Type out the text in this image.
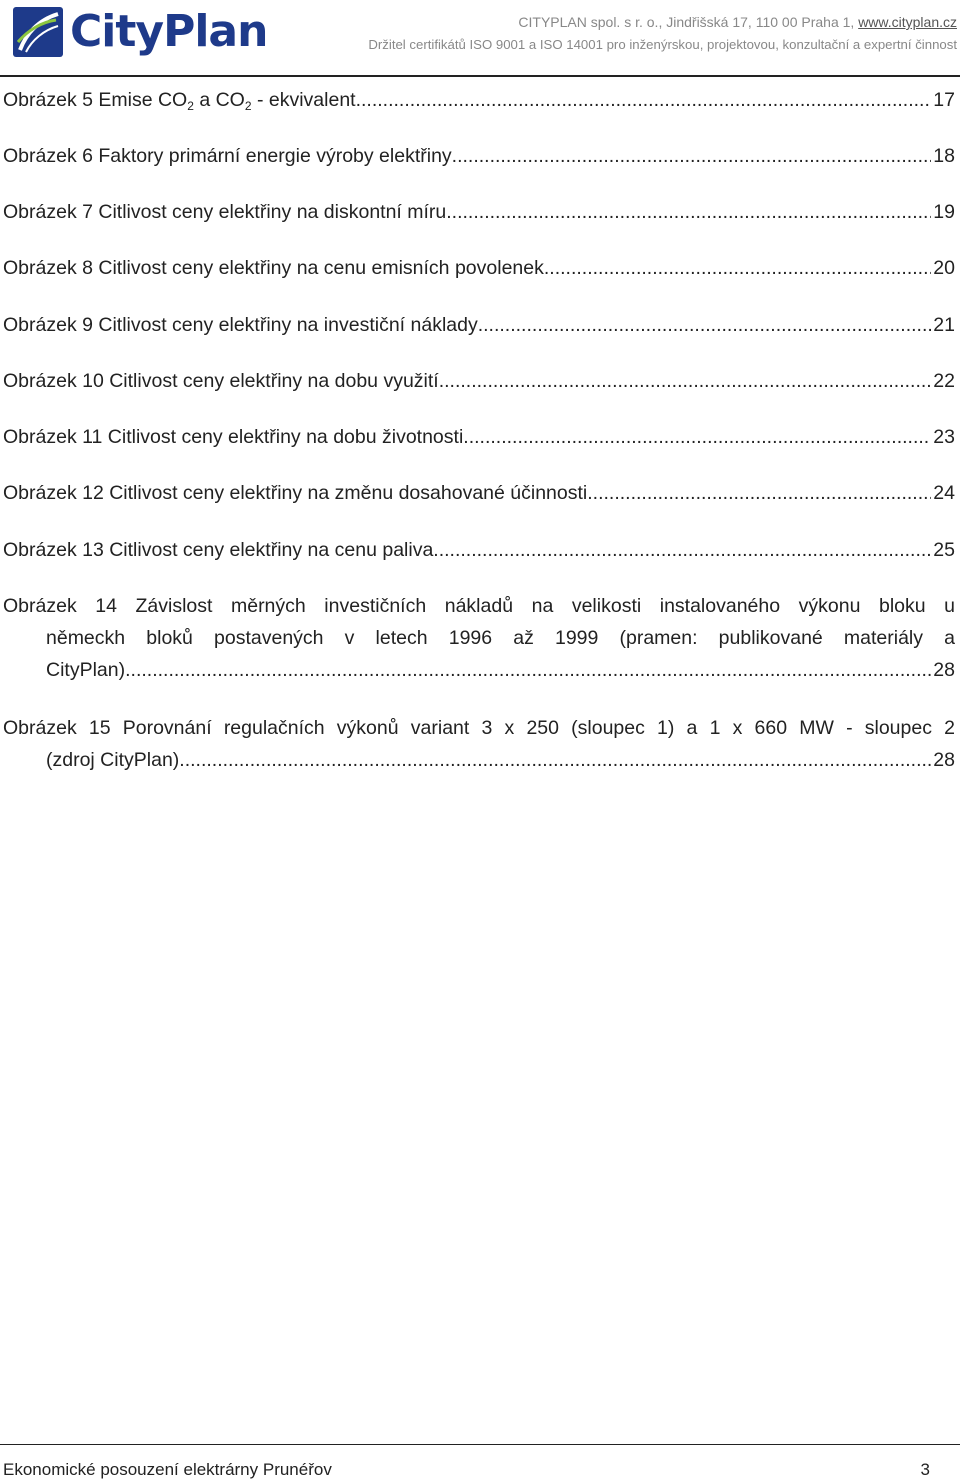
CityPlan	CITYPLAN spol. s r. o., Jindřišská 17, 110 00 Praha 1, www.cityplan.cz
Držitel certifikátů ISO 9001 a ISO 14001 pro inženýrskou, projektovou, konzultační a expertní činnost
Obrázek 5 Emise $CO_2$ a $CO_2$ - ekvivalent .....	17
Obrázek 6 Faktory primární energie výroby elektřiny .....	18
Obrázek 7 Citlivost ceny elektřiny na diskontní míru .....	19
Obrázek 8 Citlivost ceny elektřiny na cenu emisních povolenek .....	20
Obrázek 9 Citlivost ceny elektřiny na investiční náklady .....	21
Obrázek 10 Citlivost ceny elektřiny na dobu využití .....	22
Obrázek 11 Citlivost ceny elektřiny na dobu životnosti .....	23
Obrázek 12 Citlivost ceny elektřiny na změnu dosahované účinnosti .....	24
Obrázek 13 Citlivost ceny elektřiny na cenu paliva .....	25
Obrázek 14 Závislost měrných investičních nákladů na velikosti instalovaného výkonu bloku u
německh bloků postavených v letech 1996 až 1999 (pramen: publikované materiály a
CityPlan) .....	28
Obrázek 15 Porovnání regulačních výkonů variant 3 x 250 (sloupec 1) a 1 x 660 MW - sloupec 2
(zdroj CityPlan). .....	28
Ekonomické posouzení elektrárny Prunéřov	3
